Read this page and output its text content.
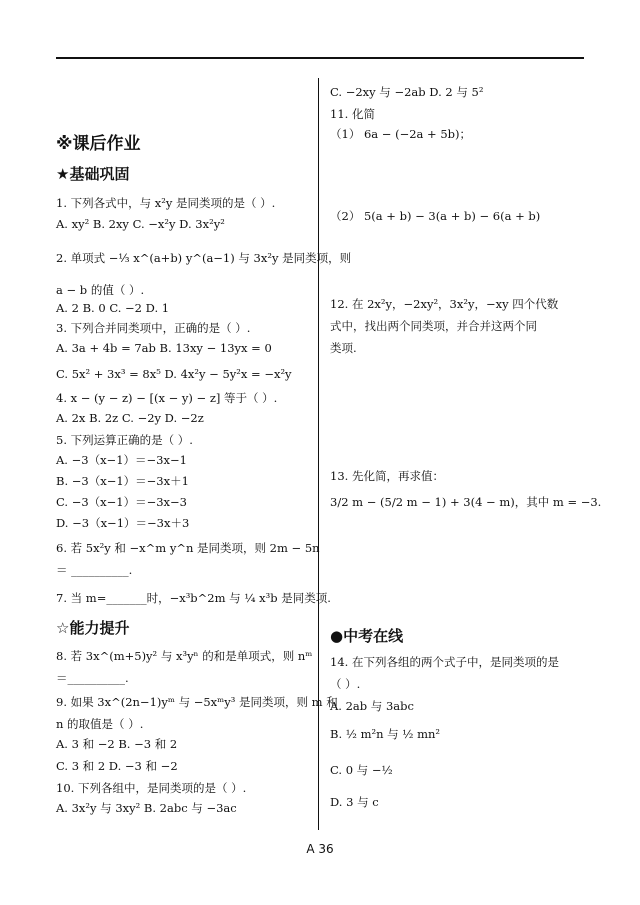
※课后作业
★基础巩固
1. 下列各式中，与 x²y 是同类项的是（ ）.
A. xy² B. 2xy C. −x²y D. 3x²y²
2. 单项式 −⅓ x^(a+b) y^(a−1) 与 3x²y 是同类项，则
a − b 的值（ ）.
A. 2 B. 0 C. −2 D. 1
3. 下列合并同类项中，正确的是（ ）.
A. 3a + 4b = 7ab B. 13xy − 13yx = 0
C. 5x² + 3x³ = 8x⁵ D. 4x²y − 5y²x = −x²y
4. x − (y − z) − [(x − y) − z] 等于（ ）.
A. 2x B. 2z C. −2y D. −2z
5. 下列运算正确的是（ ）.
A. −3（x−1）＝−3x−1
B. −3（x−1）＝−3x＋1
C. −3（x−1）＝−3x−3
D. −3（x−1）＝−3x＋3
6. 若 5x²y 和 −x^m y^n 是同类项，则 2m − 5n
＝ __________.
7. 当 m=_______时，−x³b^2m 与 ¼ x³b 是同类项.
8. 若 3x^(m+5)y² 与 x³yⁿ 的和是单项式，则 nᵐ
＝__________.
9. 如果 3x^(2n−1)yᵐ 与 −5xᵐy³ 是同类项，则 m 和
n 的取值是（ ）.
A. 3 和 −2 B. −3 和 2
C. 3 和 2 D. −3 和 −2
10. 下列各组中，是同类项的是（ ）.
A. 3x²y 与 3xy² B. 2abc 与 −3ac
☆能力提升
C. −2xy 与 −2ab D. 2 与 5²
11. 化简
（1） 6a − (−2a + 5b)；
（2） 5(a + b) − 3(a + b) − 6(a + b)
12. 在 2x²y，−2xy²，3x²y，−xy 四个代数
式中，找出两个同类项，并合并这两个同
类项.
13. 先化简，再求值：
3/2 m − (5/2 m − 1) + 3(4 − m)，其中 m = −3.
14. 在下列各组的两个式子中，是同类项的是
（ ）.
A. 2ab 与 3abc
B. ½ m²n 与 ½ mn²
C. 0 与 −½
D. 3 与 c
●中考在线
A 36
